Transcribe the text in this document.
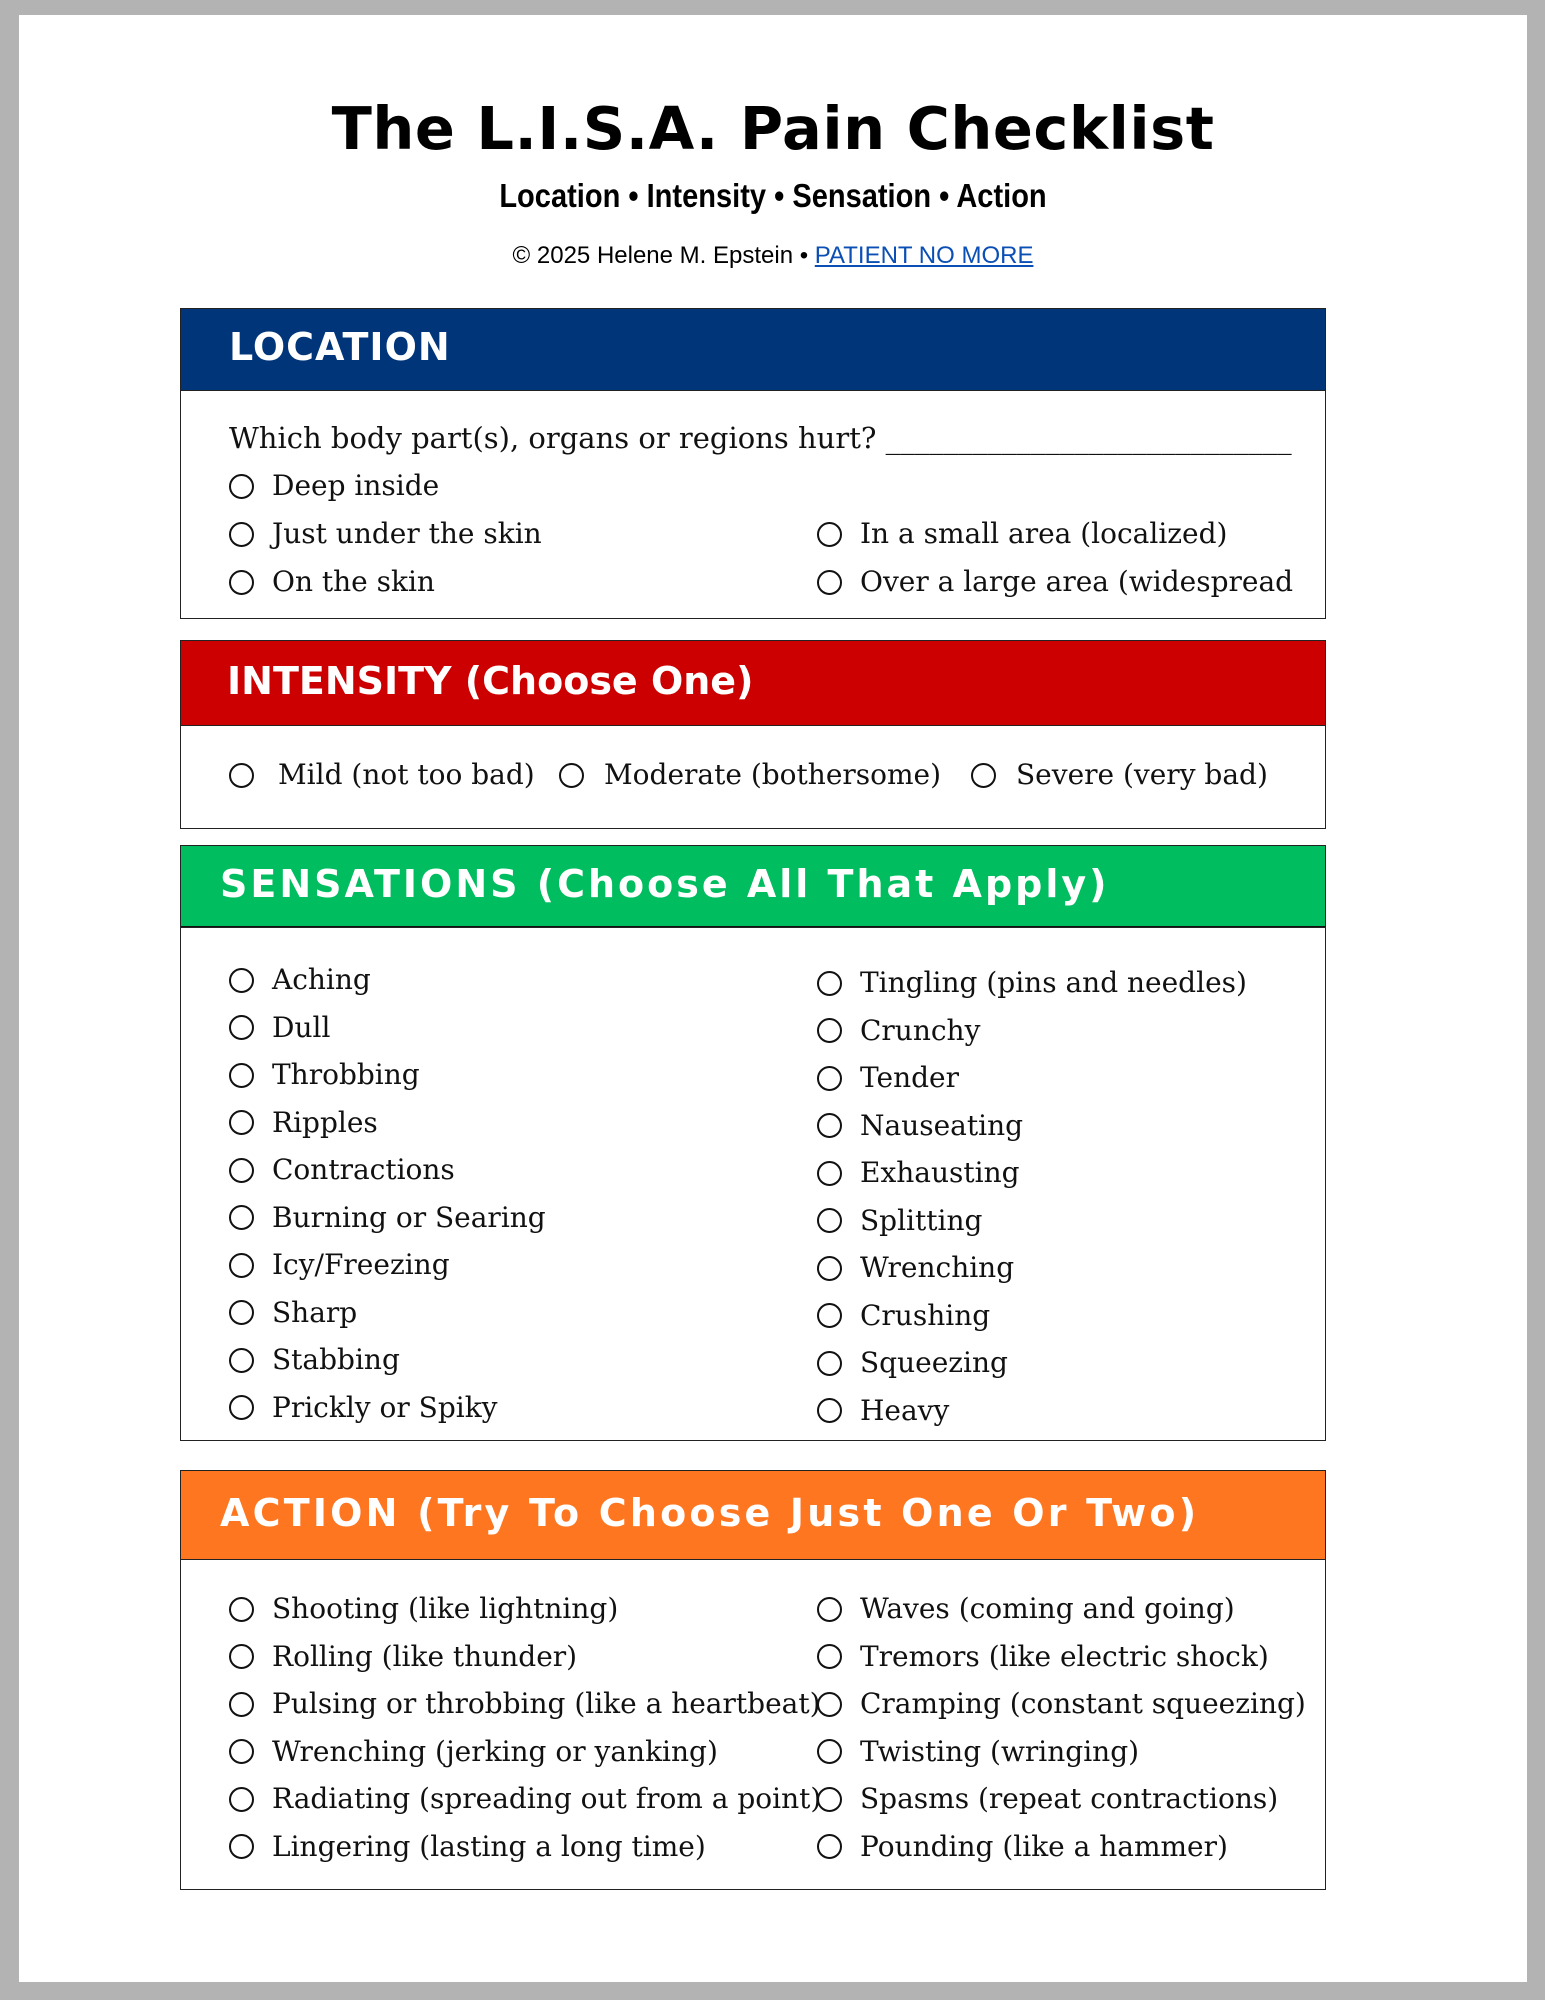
The L.I.S.A. Pain Checklist
Location • Intensity • Sensation • Action
© 2025 Helene M. Epstein • PATIENT NO MORE
LOCATION
Which body part(s), organs or regions hurt? ____________________________
Deep inside
Just under the skin
On the skin
In a small area (localized)
Over a large area (widespread
INTENSITY (Choose One)
Mild (not too bad) Moderate (bothersome)	Severe (very bad)
SENSATIONS (Choose All That Apply)
Aching
Dull
Throbbing
Ripples
Contractions
Burning or Searing
Icy/Freezing
Sharp
Stabbing
Prickly or Spiky
Tingling (pins and needles)
Crunchy
Tender
Nauseating
Exhausting
Splitting
Wrenching
Crushing
Squeezing
Heavy
ACTION (Try To Choose Just One Or Two)
Shooting (like lightning)
Rolling (like thunder)
Pulsing or throbbing (like a heartbeat)
Wrenching (jerking or yanking)
Radiating (spreading out from a point)
Lingering (lasting a long time)
Waves (coming and going)
Tremors (like electric shock)
Cramping (constant squeezing)
Twisting (wringing)
Spasms (repeat contractions)
Pounding (like a hammer)
